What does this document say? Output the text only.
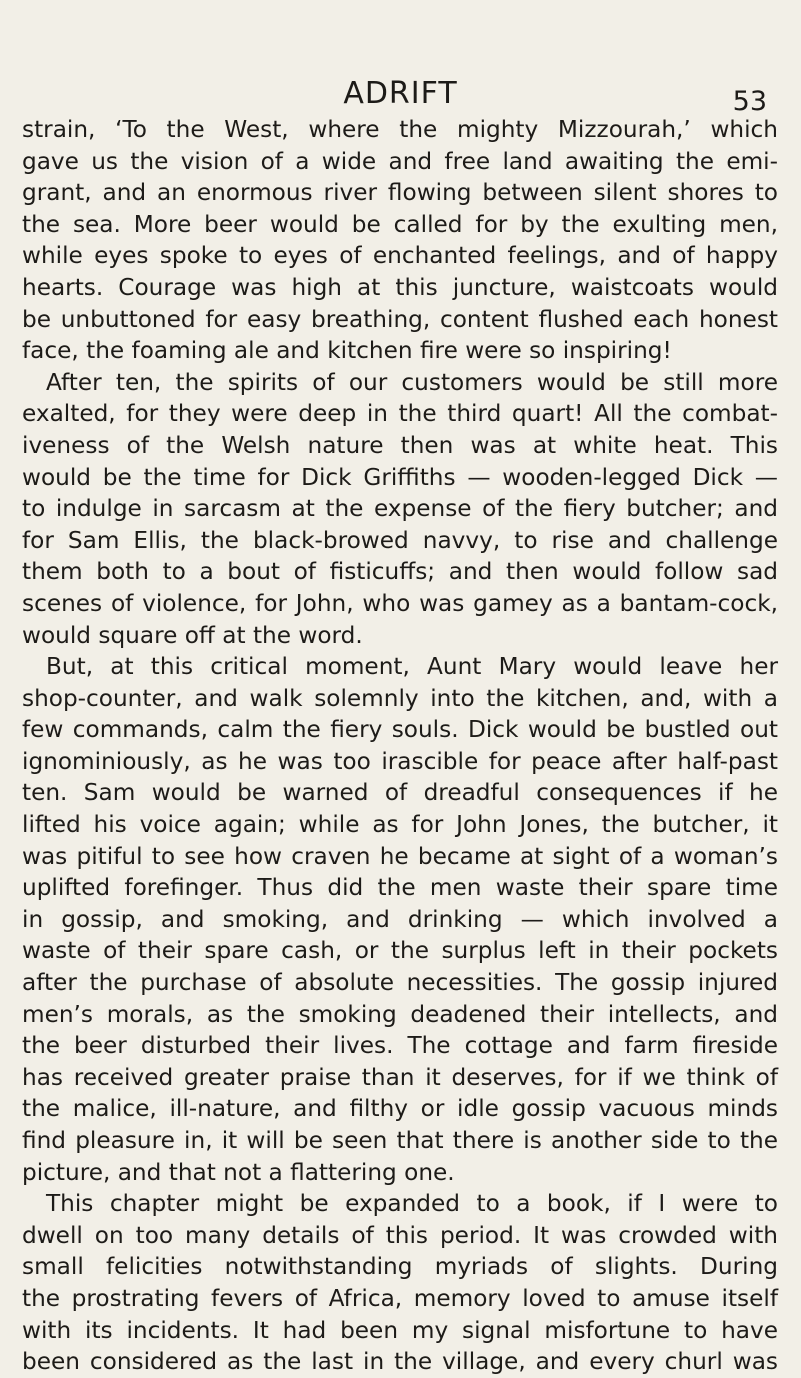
ADRIFT	53
strain, ‘To the West, where the mighty Mizzourah,’ which
gave us the vision of a wide and free land awaiting the emi-
grant, and an enormous river flowing between silent shores to
the sea. More beer would be called for by the exulting men,
while eyes spoke to eyes of enchanted feelings, and of happy
hearts. Courage was high at this juncture, waistcoats would
be unbuttoned for easy breathing, content flushed each honest
face, the foaming ale and kitchen fire were so inspiring!
After ten, the spirits of our customers would be still more
exalted, for they were deep in the third quart! All the combat-
iveness of the Welsh nature then was at white heat. This
would be the time for Dick Griffiths — wooden-legged Dick —
to indulge in sarcasm at the expense of the fiery butcher; and
for Sam Ellis, the black-browed navvy, to rise and challenge
them both to a bout of fisticuffs; and then would follow sad
scenes of violence, for John, who was gamey as a bantam-cock,
would square off at the word.
But, at this critical moment, Aunt Mary would leave her
shop-counter, and walk solemnly into the kitchen, and, with a
few commands, calm the fiery souls. Dick would be bustled out
ignominiously, as he was too irascible for peace after half-past
ten. Sam would be warned of dreadful consequences if he
lifted his voice again; while as for John Jones, the butcher, it
was pitiful to see how craven he became at sight of a woman’s
uplifted forefinger. Thus did the men waste their spare time
in gossip, and smoking, and drinking — which involved a
waste of their spare cash, or the surplus left in their pockets
after the purchase of absolute necessities. The gossip injured
men’s morals, as the smoking deadened their intellects, and
the beer disturbed their lives. The cottage and farm fireside
has received greater praise than it deserves, for if we think of
the malice, ill-nature, and filthy or idle gossip vacuous minds
find pleasure in, it will be seen that there is another side to the
picture, and that not a flattering one.
This chapter might be expanded to a book, if I were to
dwell on too many details of this period. It was crowded with
small felicities notwithstanding myriads of slights. During
the prostrating fevers of Africa, memory loved to amuse itself
with its incidents. It had been my signal misfortune to have
been considered as the last in the village, and every churl was
